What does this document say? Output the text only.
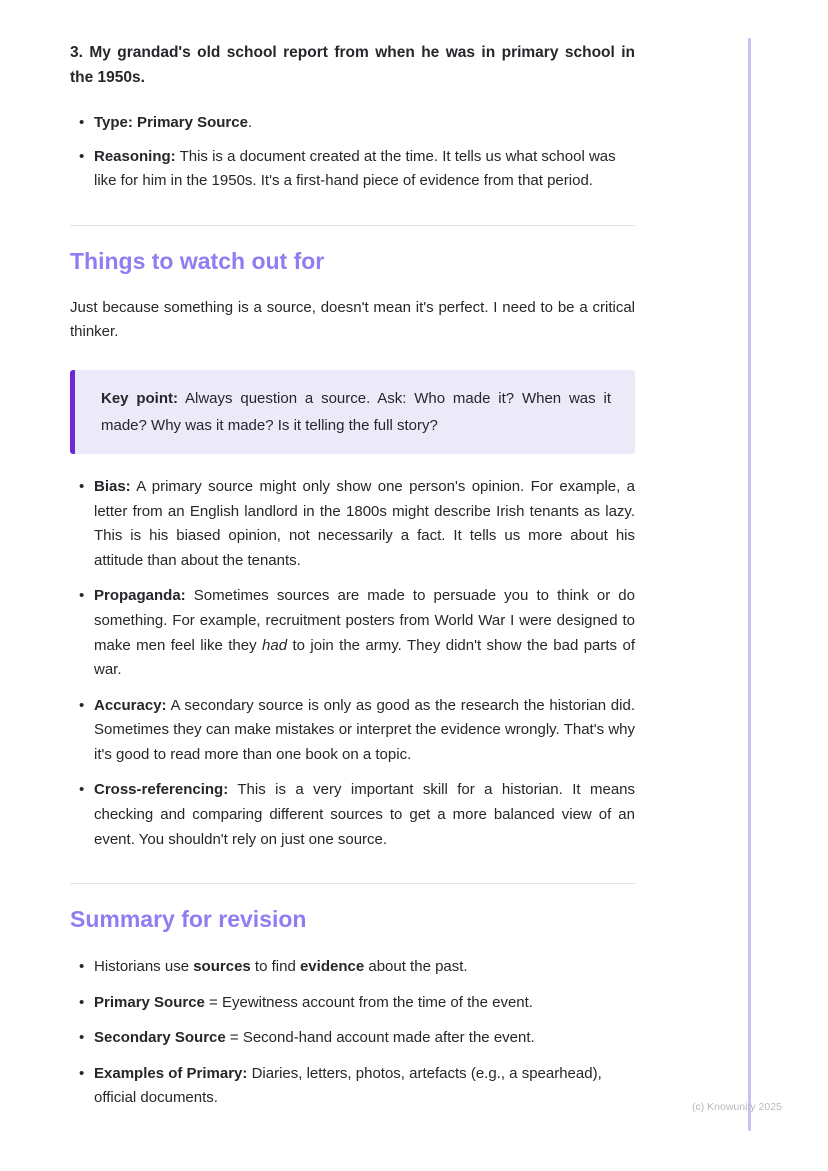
3. My grandad's old school report from when he was in primary school in the 1950s.

• Type: Primary Source.
• Reasoning: This is a document created at the time. It tells us what school was like for him in the 1950s. It's a first-hand piece of evidence from that period.
Things to watch out for

Just because something is a source, doesn't mean it's perfect. I need to be a critical thinker.

Key point: Always question a source. Ask: Who made it? When was it made? Why was it made? Is it telling the full story?

• Bias: A primary source might only show one person's opinion. For example, a letter from an English landlord in the 1800s might describe Irish tenants as lazy. This is his biased opinion, not necessarily a fact. It tells us more about his attitude than about the tenants.
• Propaganda: Sometimes sources are made to persuade you to think or do something. For example, recruitment posters from World War I were designed to make men feel like they had to join the army. They didn't show the bad parts of war.
• Accuracy: A secondary source is only as good as the research the historian did. Sometimes they can make mistakes or interpret the evidence wrongly. That's why it's good to read more than one book on a topic.
• Cross-referencing: This is a very important skill for a historian. It means checking and comparing different sources to get a more balanced view of an event. You shouldn't rely on just one source.
Summary for revision
• Historians use sources to find evidence about the past.
• Primary Source = Eyewitness account from the time of the event.
• Secondary Source = Second-hand account made after the event.
• Examples of Primary: Diaries, letters, photos, artefacts (e.g., a spearhead), official documents.
(c) Knowunity 2025
